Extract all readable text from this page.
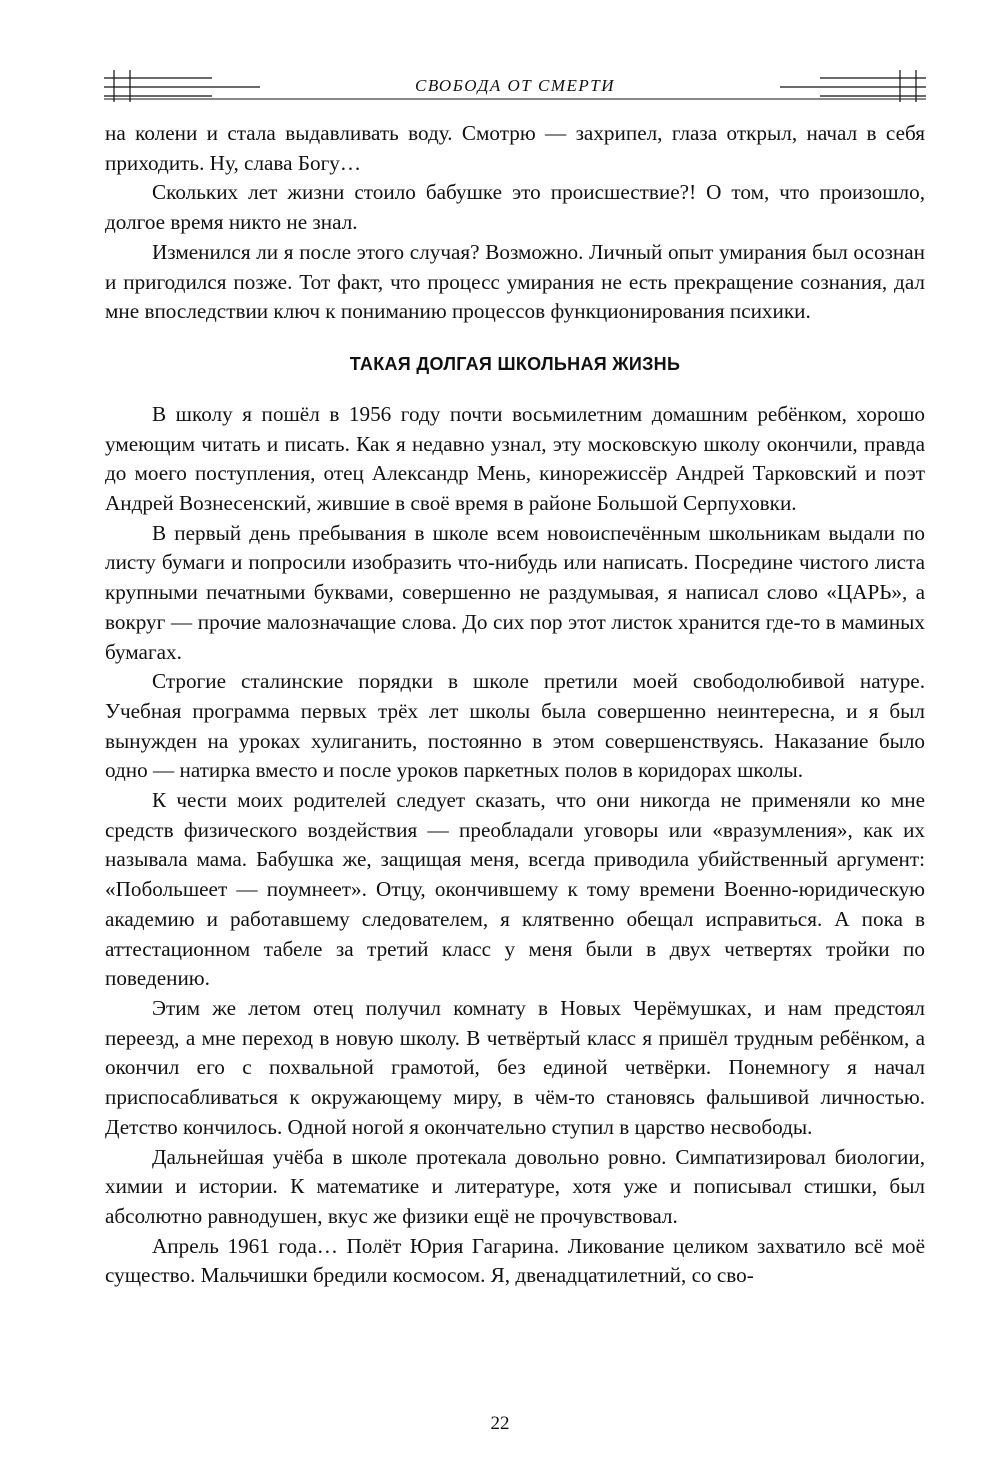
СВОБОДА ОТ СМЕРТИ

на колени и стала выдавливать воду. Смотрю — захрипел, глаза открыл, начал в себя приходить. Ну, слава Богу…

Скольких лет жизни стоило бабушке это происшествие?! О том, что произошло, долгое время никто не знал.

Изменился ли я после этого случая? Возможно. Личный опыт умирания был осознан и пригодился позже. Тот факт, что процесс умирания не есть прекращение сознания, дал мне впоследствии ключ к пониманию процессов функционирования психики.

ТАКАЯ ДОЛГАЯ ШКОЛЬНАЯ ЖИЗНЬ

В школу я пошёл в 1956 году почти восьмилетним домашним ребёнком, хорошо умеющим читать и писать. Как я недавно узнал, эту московскую школу окончили, правда до моего поступления, отец Александр Мень, кинорежиссёр Андрей Тарковский и поэт Андрей Вознесенский, жившие в своё время в районе Большой Серпуховки.

В первый день пребывания в школе всем новоиспечённым школьникам выдали по листу бумаги и попросили изобразить что-нибудь или написать. Посредине чистого листа крупными печатными буквами, совершенно не раздумывая, я написал слово «ЦАРЬ», а вокруг — прочие малозначащие слова. До сих пор этот листок хранится где-то в маминых бумагах.

Строгие сталинские порядки в школе претили моей свободолюбивой натуре. Учебная программа первых трёх лет школы была совершенно неинтересна, и я был вынужден на уроках хулиганить, постоянно в этом совершенствуясь. Наказание было одно — натирка вместо и после уроков паркетных полов в коридорах школы.

К чести моих родителей следует сказать, что они никогда не применяли ко мне средств физического воздействия — преобладали уговоры или «вразумления», как их называла мама. Бабушка же, защищая меня, всегда приводила убийственный аргумент: «Побольшеет — поумнеет». Отцу, окончившему к тому времени Военно-юридическую академию и работавшему следователем, я клятвенно обещал исправиться. А пока в аттестационном табеле за третий класс у меня были в двух четвертях тройки по поведению.

Этим же летом отец получил комнату в Новых Черёмушках, и нам предстоял переезд, а мне переход в новую школу. В четвёртый класс я пришёл трудным ребёнком, а окончил его с похвальной грамотой, без единой четвёрки. Понемногу я начал приспосабливаться к окружающему миру, в чём-то становясь фальшивой личностью. Детство кончилось. Одной ногой я окончательно ступил в царство несвободы.

Дальнейшая учёба в школе протекала довольно ровно. Симпатизировал биологии, химии и истории. К математике и литературе, хотя уже и пописывал стишки, был абсолютно равнодушен, вкус же физики ещё не прочувствовал.

Апрель 1961 года… Полёт Юрия Гагарина. Ликование целиком захватило всё моё существо. Мальчишки бредили космосом. Я, двенадцатилетний, со сво-

22
